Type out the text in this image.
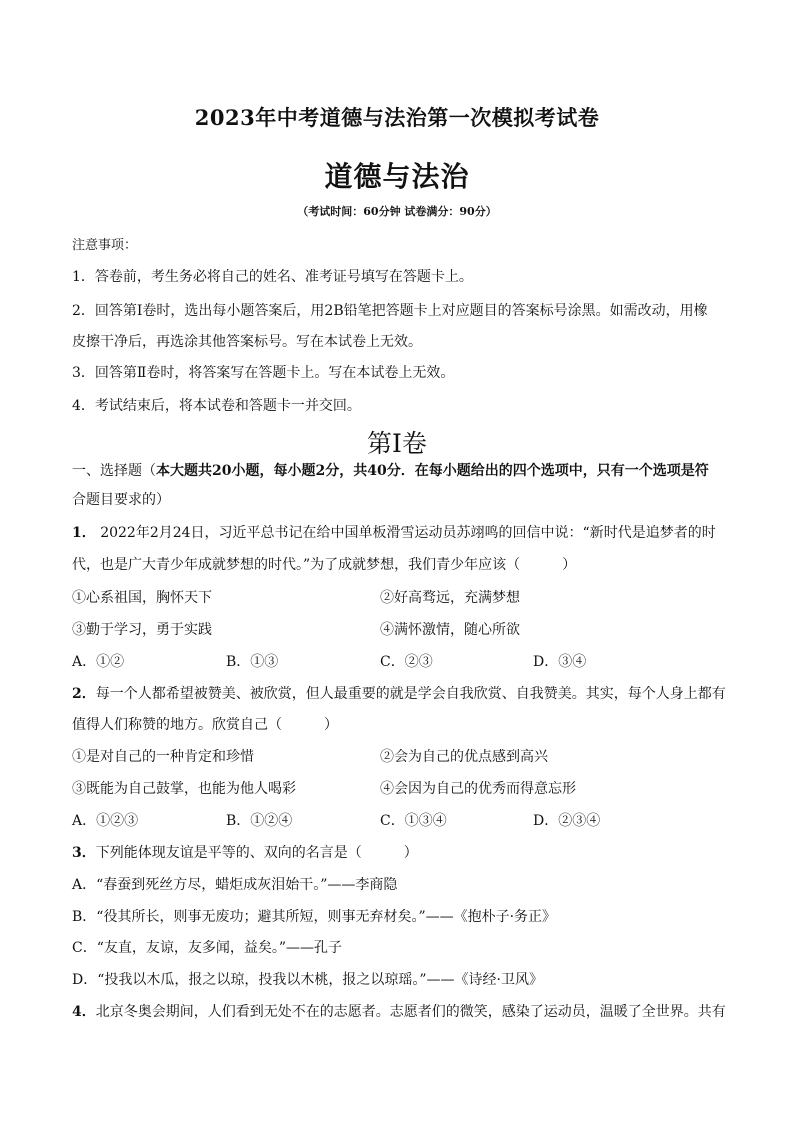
2023年中考道德与法治第一次模拟考试卷
道德与法治
（考试时间：60分钟 试卷满分：90分）
注意事项：
1．答卷前，考生务必将自己的姓名、准考证号填写在答题卡上。
2．回答第Ⅰ卷时，选出每小题答案后，用2B铅笔把答题卡上对应题目的答案标号涂黑。如需改动，用橡
皮擦干净后，再选涂其他答案标号。写在本试卷上无效。
3．回答第Ⅱ卷时，将答案写在答题卡上。写在本试卷上无效。
4．考试结束后，将本试卷和答题卡一并交回。
第Ⅰ卷
一、选择题（本大题共20小题，每小题2分，共40分．在每小题给出的四个选项中，只有一个选项是符
合题目要求的）
1． 2022年2月24日，习近平总书记在给中国单板滑雪运动员苏翊鸣的回信中说：“新时代是追梦者的时
代，也是广大青少年成就梦想的时代。”为了成就梦想，我们青少年应该（　　　）
①心系祖国，胸怀天下	②好高骛远，充满梦想
③勤于学习，勇于实践	④满怀激情，随心所欲
A．①②	B．①③	C．②③	D．③④
2．每一个人都希望被赞美、被欣赏，但人最重要的就是学会自我欣赏、自我赞美。其实，每个人身上都有
值得人们称赞的地方。欣赏自己（　　　）
①是对自己的一种肯定和珍惜	②会为自己的优点感到高兴
③既能为自己鼓掌，也能为他人喝彩	④会因为自己的优秀而得意忘形
A．①②③	B．①②④	C．①③④	D．②③④
3．下列能体现友谊是平等的、双向的名言是（　　　）
A．“春蚕到死丝方尽，蜡炬成灰泪始干。”——李商隐
B．“役其所长，则事无废功；避其所短，则事无弃材矣。”——《抱朴子·务正》
C．“友直，友谅，友多闻，益矣。”——孔子
D．“投我以木瓜，报之以琼，投我以木桃，报之以琼瑶。”——《诗经·卫风》
4．北京冬奥会期间，人们看到无处不在的志愿者。志愿者们的微笑，感染了运动员，温暖了全世界。共有
